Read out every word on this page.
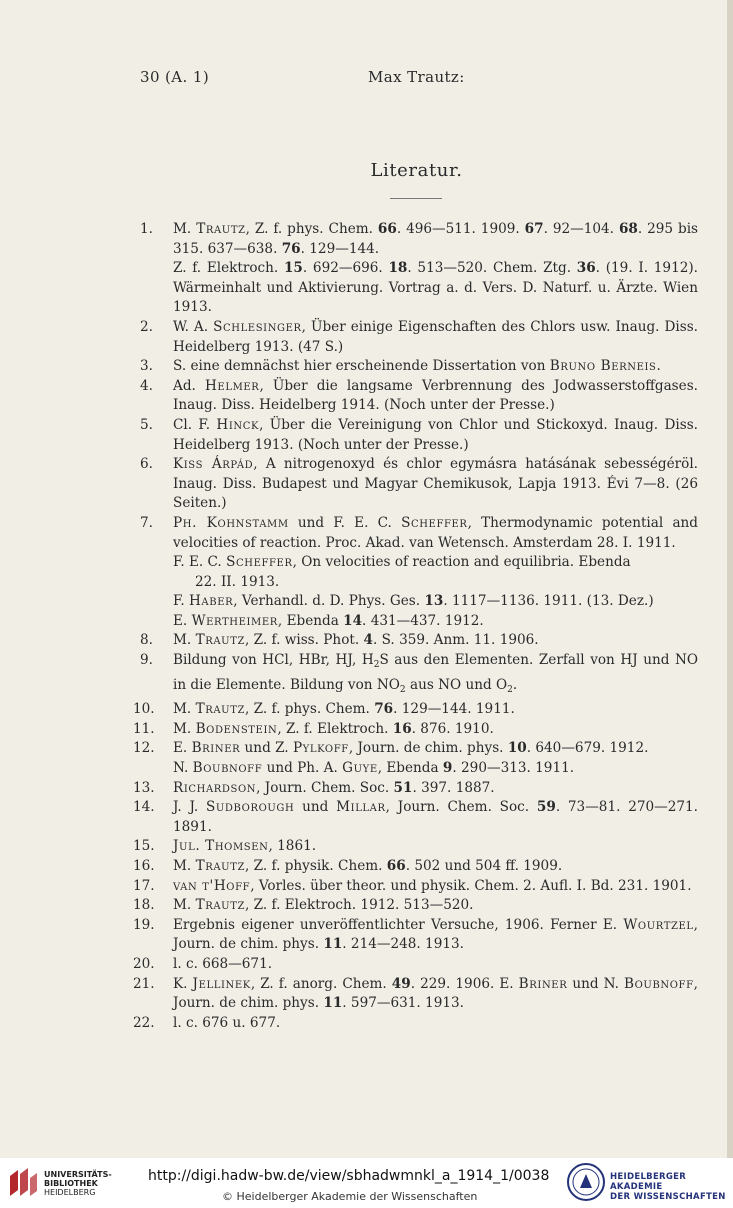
30 (A. 1)	Max Trautz:
Literatur.
1. M. Trautz, Z. f. phys. Chem. 66. 496—511. 1909. 67. 92—104. 68. 295 bis 315. 637—638. 76. 129—144.
Z. f. Elektroch. 15. 692—696. 18. 513—520. Chem. Ztg. 36. (19. I. 1912). Wärmeinhalt und Aktivierung. Vortrag a. d. Vers. D. Naturf. u. Ärzte. Wien 1913.
2. W. A. Schlesinger, Über einige Eigenschaften des Chlors usw. Inaug. Diss. Heidelberg 1913. (47 S.)
3. S. eine demnächst hier erscheinende Dissertation von Bruno Berneis.
4. Ad. Helmer, Über die langsame Verbrennung des Jodwasserstoffgases. Inaug. Diss. Heidelberg 1914. (Noch unter der Presse.)
5. Cl. F. Hinck, Über die Vereinigung von Chlor und Stickoxyd. Inaug. Diss. Heidelberg 1913. (Noch unter der Presse.)
6. Kiss Árpád, A nitrogenoxyd és chlor egymásra hatásának sebességéröl. Inaug. Diss. Budapest und Magyar Chemikusok, Lapja 1913. Évi 7—8. (26 Seiten.)
7. Ph. Kohnstamm und F. E. C. Scheffer, Thermodynamic potential and velocities of reaction. Proc. Akad. van Wetensch. Amsterdam 28. I. 1911.
F. E. C. Scheffer, On velocities of reaction and equilibria. Ebenda
22. II. 1913.
F. Haber, Verhandl. d. D. Phys. Ges. 13. 1117—1136. 1911. (13. Dez.)
E. Wertheimer, Ebenda 14. 431—437. 1912.
8. M. Trautz, Z. f. wiss. Phot. 4. S. 359. Anm. 11. 1906.
9. Bildung von HCl, HBr, HJ, $H_2S$ aus den Elementen. Zerfall von HJ und NO in die Elemente. Bildung von $NO_2$ aus NO und $O_2$.
10. M. Trautz, Z. f. phys. Chem. 76. 129—144. 1911.
11. M. Bodenstein, Z. f. Elektroch. 16. 876. 1910.
12. E. Briner und Z. Pylkoff, Journ. de chim. phys. 10. 640—679. 1912.
N. Boubnoff und Ph. A. Guye, Ebenda 9. 290—313. 1911.
13. Richardson, Journ. Chem. Soc. 51. 397. 1887.
14. J. J. Sudborough und Millar, Journ. Chem. Soc. 59. 73—81. 270—271. 1891.
15. Jul. Thomsen, 1861.
16. M. Trautz, Z. f. physik. Chem. 66. 502 und 504 ff. 1909.
17. van t'Hoff, Vorles. über theor. und physik. Chem. 2. Aufl. I. Bd. 231. 1901.
18. M. Trautz, Z. f. Elektroch. 1912. 513—520.
19. Ergebnis eigener unveröffentlichter Versuche, 1906. Ferner E. Wourtzel, Journ. de chim. phys. 11. 214—248. 1913.
20. l. c. 668—671.
21. K. Jellinek, Z. f. anorg. Chem. 49. 229. 1906. E. Briner und N. Boubnoff, Journ. de chim. phys. 11. 597—631. 1913.
22. l. c. 676 u. 677.
UNIVERSITÄTS-
BIBLIOTHEK
HEIDELBERG
http://digi.hadw-bw.de/view/sbhadwmnkl_a_1914_1/0038
© Heidelberger Akademie der Wissenschaften
HEIDELBERGER AKADEMIE
DER WISSENSCHAFTEN
